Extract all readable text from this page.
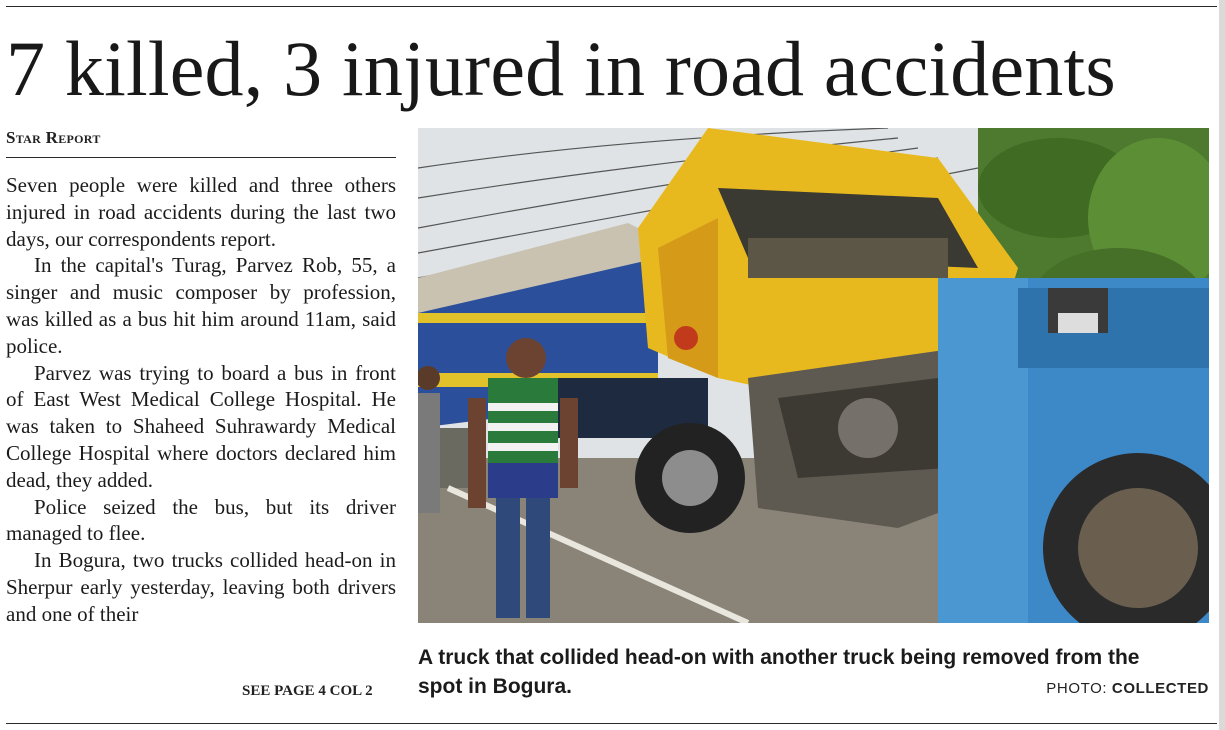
7 killed, 3 injured in road accidents
Star Report

Seven people were killed and three others injured in road accidents during the last two days, our correspondents report.

In the capital's Turag, Parvez Rob, 55, a singer and music composer by profession, was killed as a bus hit him around 11am, said police.

Parvez was trying to board a bus in front of East West Medical College Hospital. He was taken to Shaheed Suhrawardy Medical College Hospital where doctors declared him dead, they added.

Police seized the bus, but its driver managed to flee.

In Bogura, two trucks collided head-on in Sherpur early yesterday, leaving both drivers and one of their

SEE PAGE 4 COL 2
A truck that collided head-on with another truck being removed from the spot in Bogura.	PHOTO: COLLECTED
